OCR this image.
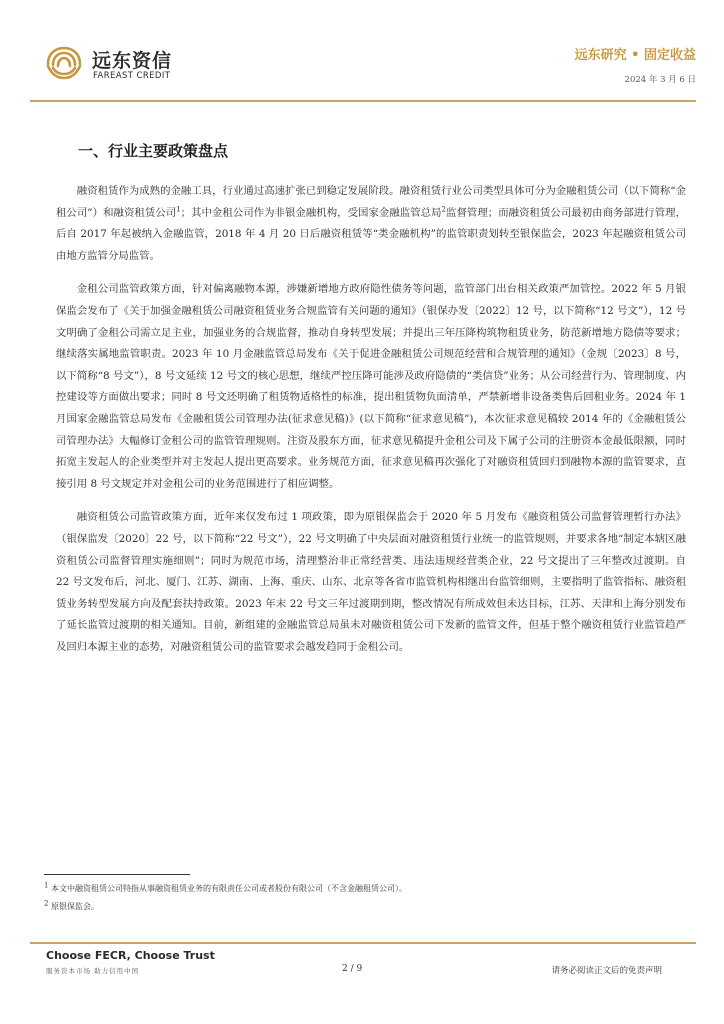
远东资信
FAREAST CREDIT
远东研究 • 固定收益
2024 年 3 月 6 日
一、行业主要政策盘点

融资租赁作为成熟的金融工具，行业通过高速扩张已到稳定发展阶段。融资租赁行业公司类型具体可分为金融租赁公司（以下简称“金租公司”）和融资租赁公司$^1$；其中金租公司作为非银金融机构，受国家金融监管总局$^2$监督管理；而融资租赁公司最初由商务部进行管理，后自 2017 年起被纳入金融监管，2018 年 4 月 20 日后融资租赁等“类金融机构”的监管职责划转至银保监会，2023 年起融资租赁公司由地方监管分局监管。

金租公司监管政策方面，针对偏离融物本源，涉嫌新增地方政府隐性债务等问题，监管部门出台相关政策严加管控。2022 年 5 月银保监会发布了《关于加强金融租赁公司融资租赁业务合规监管有关问题的通知》（银保办发〔2022〕12 号，以下简称“12 号文”），12 号文明确了金租公司需立足主业，加强业务的合规监督，推动自身转型发展；并提出三年压降构筑物租赁业务，防范新增地方隐债等要求；继续落实属地监管职责。2023 年 10 月金融监管总局发布《关于促进金融租赁公司规范经营和合规管理的通知》（金规〔2023〕8 号，以下简称“8 号文”），8 号文延续 12 号文的核心思想，继续严控压降可能涉及政府隐债的“类信贷”业务；从公司经营行为、管理制度、内控建设等方面做出要求；同时 8 号文还明确了租赁物适格性的标准，提出租赁物负面清单，严禁新增非设备类售后回租业务。2024 年 1 月国家金融监管总局发布《金融租赁公司管理办法(征求意见稿)》(以下简称“征求意见稿”)，本次征求意见稿较 2014 年的《金融租赁公司管理办法》大幅修订金租公司的监管管理规则。注资及股东方面，征求意见稿提升金租公司及下属子公司的注册资本金最低限额，同时拓宽主发起人的企业类型并对主发起人提出更高要求。业务规范方面，征求意见稿再次强化了对融资租赁回归到融物本源的监管要求，直接引用 8 号文规定并对金租公司的业务范围进行了相应调整。

融资租赁公司监管政策方面，近年来仅发布过 1 项政策，即为原银保监会于 2020 年 5 月发布《融资租赁公司监督管理暂行办法》（银保监发〔2020〕22 号，以下简称“22 号文”），22 号文明确了中央层面对融资租赁行业统一的监管规则，并要求各地“制定本辖区融资租赁公司监督管理实施细则”；同时为规范市场，清理整治非正常经营类、违法违规经营类企业，22 号文提出了三年整改过渡期。自 22 号文发布后，河北、厦门、江苏、湖南、上海、重庆、山东、北京等各省市监管机构相继出台监管细则，主要指明了监管指标、融资租赁业务转型发展方向及配套扶持政策。2023 年末 22 号文三年过渡期到期，整改情况有所成效但未达目标，江苏、天津和上海分别发布了延长监管过渡期的相关通知。目前，新组建的金融监管总局虽未对融资租赁公司下发新的监管文件，但基于整个融资租赁行业监管趋严及回归本源主业的态势，对融资租赁公司的监管要求会越发趋同于金租公司。

$^1$ 本文中融资租赁公司特指从事融资租赁业务的有限责任公司或者股份有限公司（不含金融租赁公司）。
$^2$ 原银保监会。
Choose FECR, Choose Trust
服务资本市场 助力信用中国	2 / 9	请务必阅读正文后的免责声明
